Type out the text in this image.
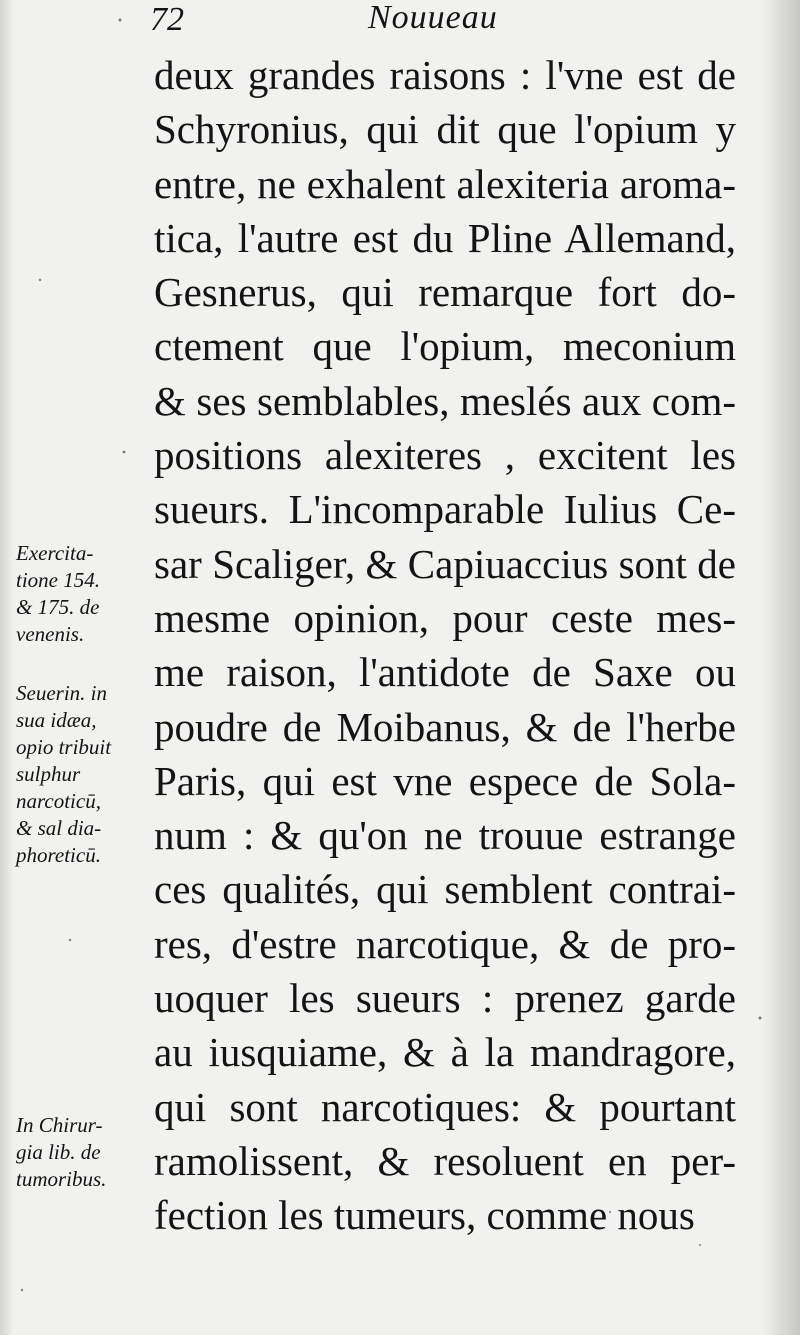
72	Nouueau
deux grandes raisons : l'vne est de
Schyronius, qui dit que l'opium y
entre, ne exhalent alexiteria aroma-
tica, l'autre est du Pline Allemand,
Gesnerus, qui remarque fort do-
ctement que l'opium, meconium
& ses semblables, meslés aux com-
positions alexiteres , excitent les
sueurs. L'incomparable Iulius Ce-
sar Scaliger, & Capiuaccius sont de
mesme opinion, pour ceste mes-
me raison, l'antidote de Saxe ou
poudre de Moibanus, & de l'herbe
Paris, qui est vne espece de Sola-
num : & qu'on ne trouue estrange
ces qualités, qui semblent contrai-
res, d'estre narcotique, & de pro-
uoquer les sueurs : prenez garde
au iusquiame, & à la mandragore,
qui sont narcotiques: & pourtant
ramolissent, & resoluent en per-
fection les tumeurs, comme nous
Exercita-
tione 154.
& 175. de
venenis.
Seuerin. in
sua idæa,
opio tribuit
sulphur
narcoticū,
& sal dia-
phoreticū.
In Chirur-
gia lib. de
tumoribus.
